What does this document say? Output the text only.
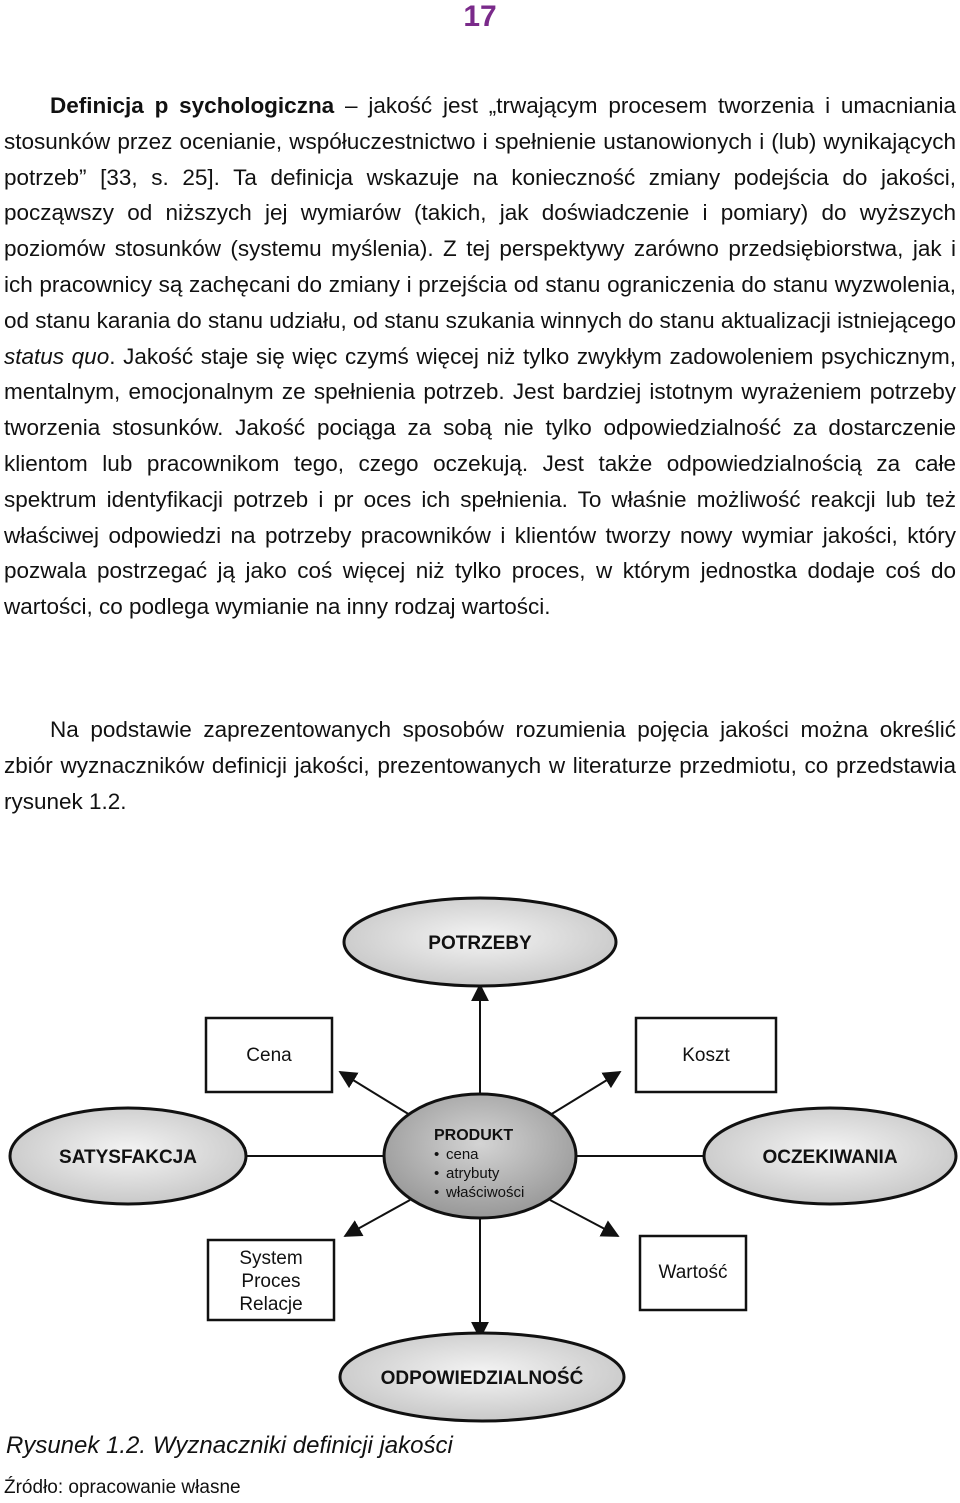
17

Definicja p sychologiczna – jakość jest „trwającym procesem tworzenia i umacniania stosunków przez ocenianie, współuczestnictwo i spełnienie ustanowionych i (lub) wynikających potrzeb” [33, s. 25]. Ta definicja wskazuje na konieczność zmiany podejścia do jakości, począwszy od niższych jej wymiarów (takich, jak doświadczenie i pomiary) do wyższych poziomów stosunków (systemu myślenia). Z tej perspektywy zarówno przedsiębiorstwa, jak i ich pracownicy są zachęcani do zmiany i przejścia od stanu ograniczenia do stanu wyzwolenia, od stanu karania do stanu udziału, od stanu szukania winnych do stanu aktualizacji istniejącego status quo. Jakość staje się więc czymś więcej niż tylko zwykłym zadowoleniem psychicznym, mentalnym, emocjonalnym ze spełnienia potrzeb. Jest bardziej istotnym wyrażeniem potrzeby tworzenia stosunków. Jakość pociąga za sobą nie tylko odpowiedzialność za dostarczenie klientom lub pracownikom tego, czego oczekują. Jest także odpowiedzialnością za całe spektrum identyfikacji potrzeb i pr oces ich spełnienia. To właśnie możliwość reakcji lub też właściwej odpowiedzi na potrzeby pracowników i klientów tworzy nowy wymiar jakości, który pozwala postrzegać ją jako coś więcej niż tylko proces, w którym jednostka dodaje coś do wartości, co podlega wymianie na inny rodzaj wartości.

Na podstawie zaprezentowanych sposobów rozumienia pojęcia jakości można określić zbiór wyznaczników definicji jakości, prezentowanych w literaturze przedmiotu, co przedstawia rysunek 1.2.

POTRZEBY
ODPOWIEDZIALNOŚĆ
SATYSFAKCJA	OCZEKIWANIA
Cena	Koszt
System
Proces
Relacje
Wartość
PRODUKT
• cena
• atrybuty
• właściwości
Rysunek 1.2. Wyznaczniki definicji jakości
Źródło: opracowanie własne
